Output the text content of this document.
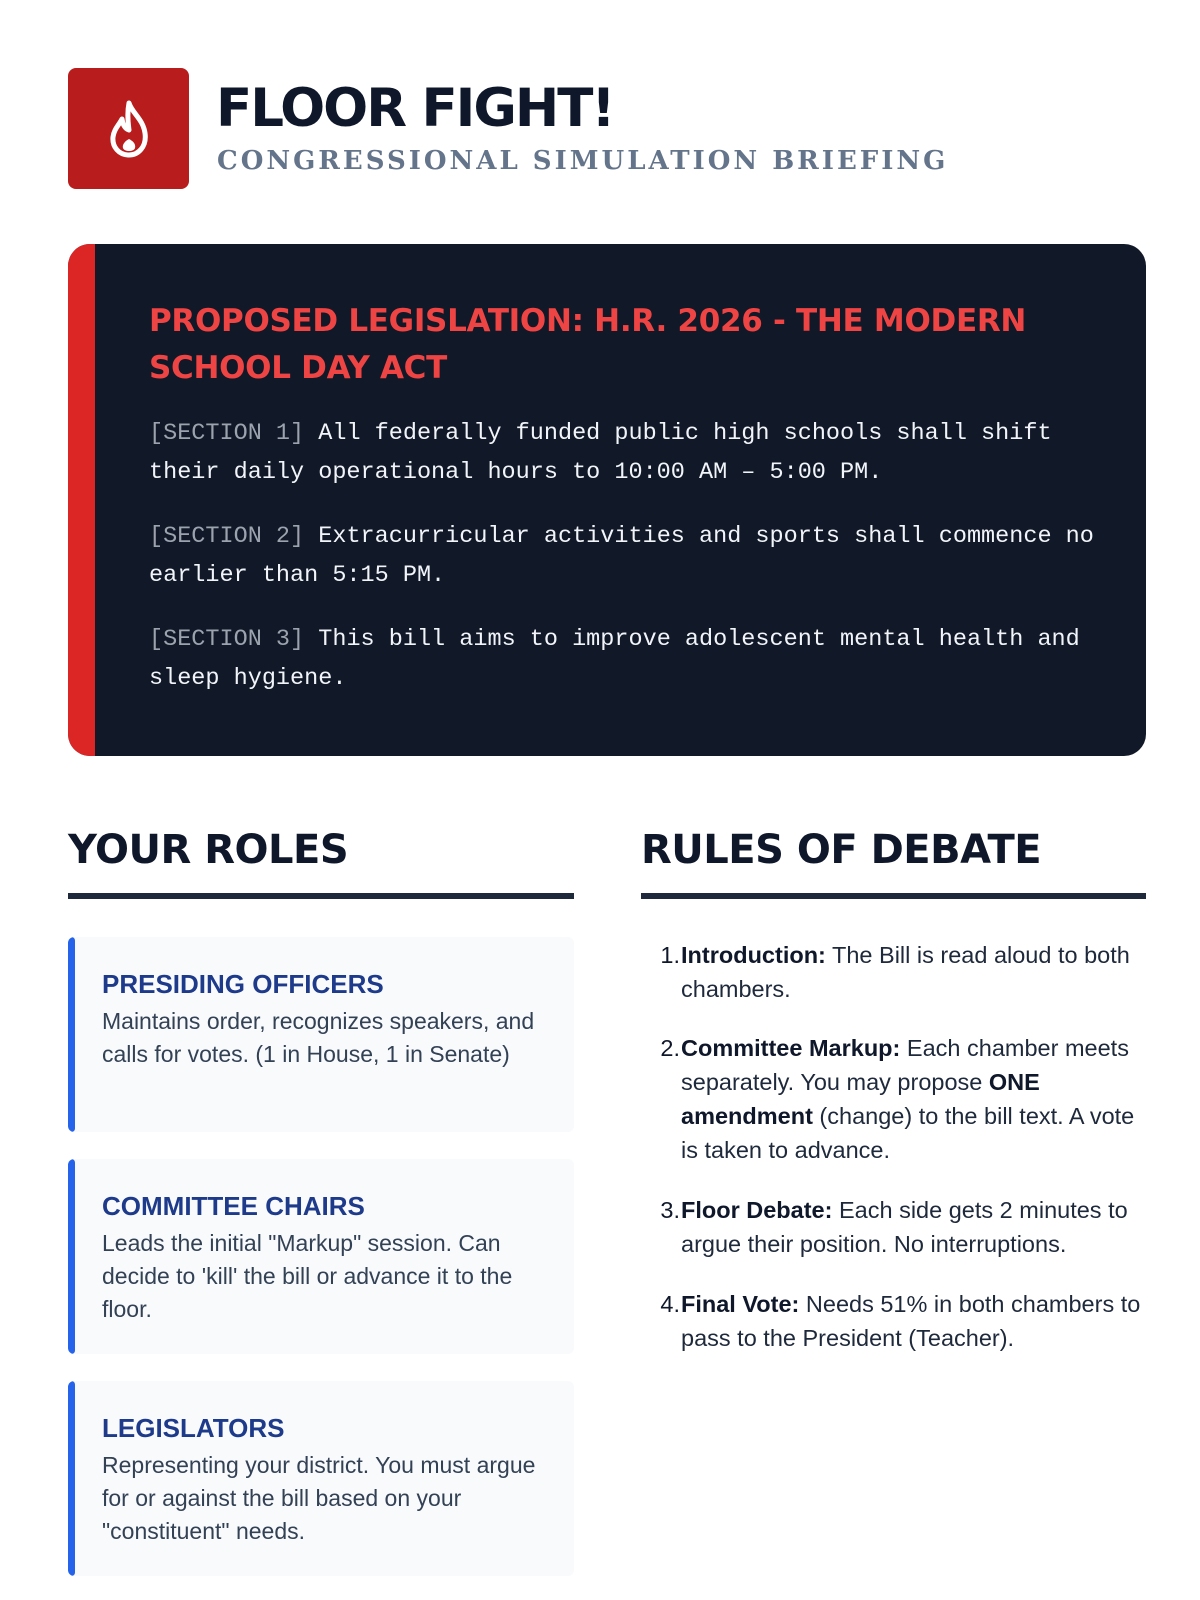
FLOOR FIGHT!
CONGRESSIONAL SIMULATION BRIEFING
PROPOSED LEGISLATION: H.R. 2026 - THE MODERN SCHOOL DAY ACT

[SECTION 1] All federally funded public high schools shall shift their daily operational hours to 10:00 AM – 5:00 PM.

[SECTION 2] Extracurricular activities and sports shall commence no earlier than 5:15 PM.

[SECTION 3] This bill aims to improve adolescent mental health and sleep hygiene.

YOUR ROLES
PRESIDING OFFICERS

Maintains order, recognizes speakers, and calls for votes. (1 in House, 1 in Senate)

COMMITTEE CHAIRS

Leads the initial "Markup" session. Can decide to 'kill' the bill or advance it to the floor.

LEGISLATORS

Representing your district. You must argue for or against the bill based on your "constituent" needs.

RULES OF DEBATE
1. Introduction: The Bill is read aloud to both chambers.

2. Committee Markup: Each chamber meets separately. You may propose ONE amendment (change) to the bill text. A vote is taken to advance.

3. Floor Debate: Each side gets 2 minutes to argue their position. No interruptions.

4. Final Vote: Needs 51% in both chambers to pass to the President (Teacher).
